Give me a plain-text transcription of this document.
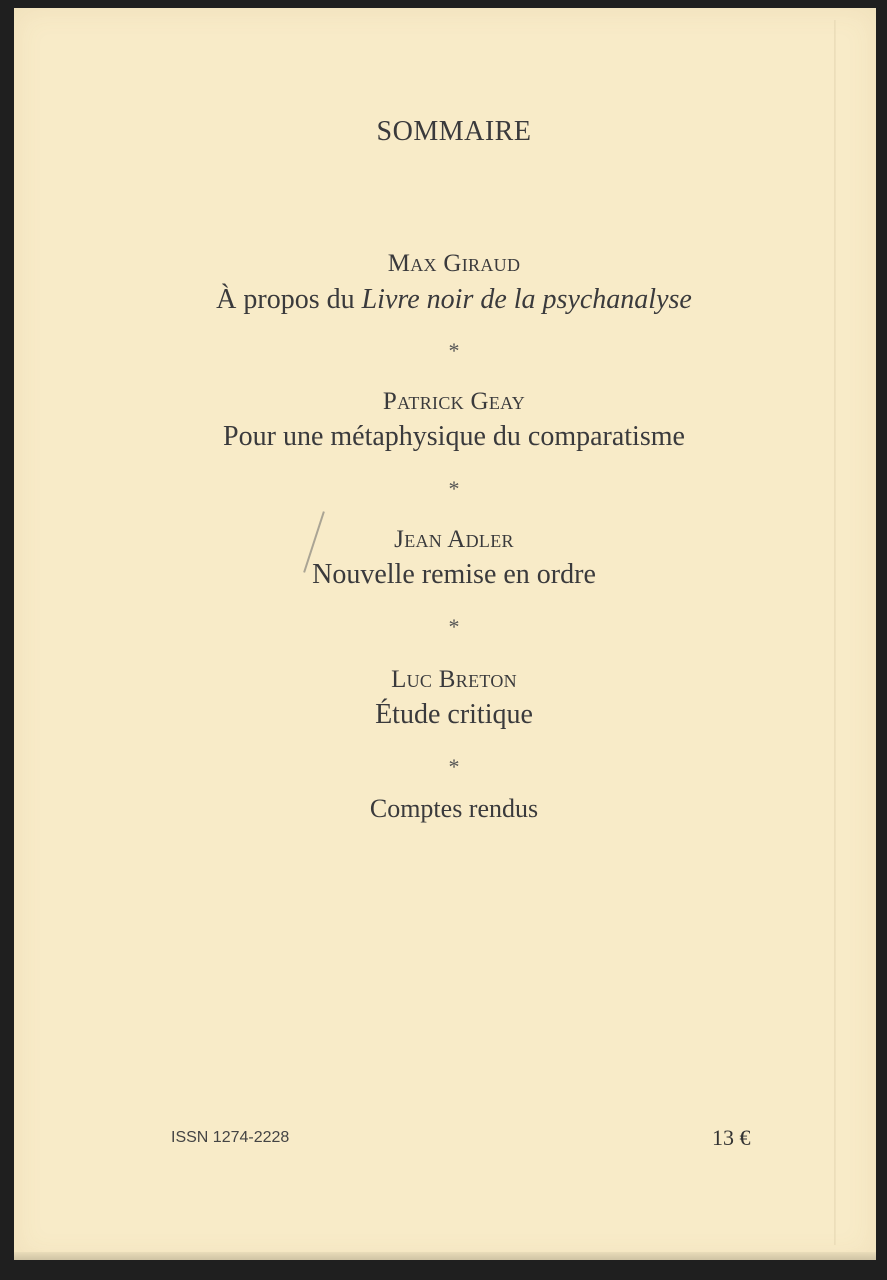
SOMMAIRE
Max Giraud
À propos du Livre noir de la psychanalyse
*
Patrick Geay
Pour une métaphysique du comparatisme
*
Jean Adler
Nouvelle remise en ordre
*
Luc Breton
Étude critique
*
Comptes rendus
ISSN 1274-2228	13 €
